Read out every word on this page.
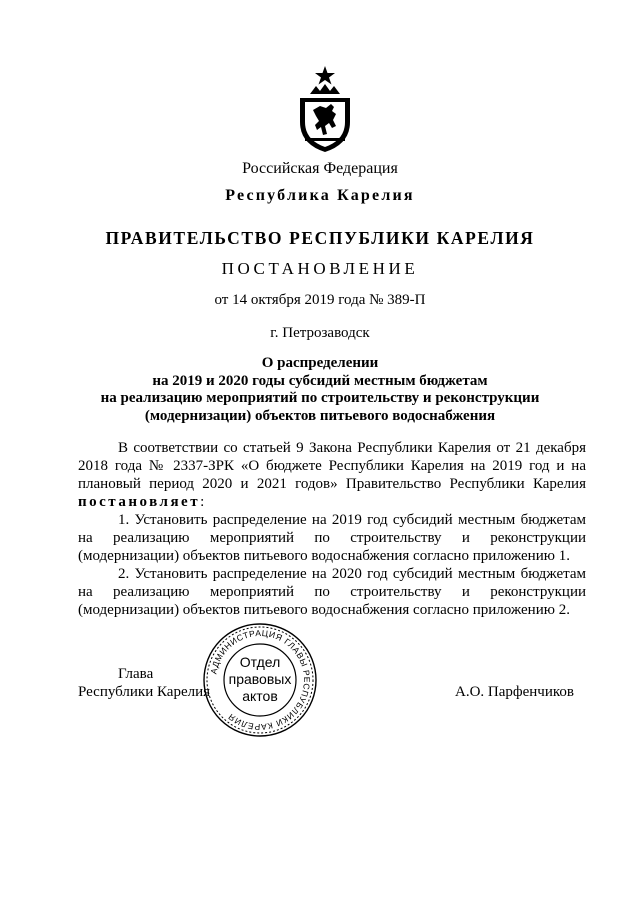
Российская Федерация
Республика Карелия
ПРАВИТЕЛЬСТВО РЕСПУБЛИКИ КАРЕЛИЯ
ПОСТАНОВЛЕНИЕ
от 14 октября 2019 года № 389-П
г. Петрозаводск
О распределении
на 2019 и 2020 годы субсидий местным бюджетам
на реализацию мероприятий по строительству и реконструкции
(модернизации) объектов питьевого водоснабжения

В соответствии со статьей 9 Закона Республики Карелия от 21 декабря 2018 года № 2337-ЗРК «О бюджете Республики Карелия на 2019 год и на плановый период 2020 и 2021 годов» Правительство Республики Карелия постановляет:

1. Установить распределение на 2019 год субсидий местным бюджетам на реализацию мероприятий по строительству и реконструкции (модернизации) объектов питьевого водоснабжения согласно приложению 1.

2. Установить распределение на 2020 год субсидий местным бюджетам на реализацию мероприятий по строительству и реконструкции (модернизации) объектов питьевого водоснабжения согласно приложению 2.

Глава
Республики Карелия	А.О. Парфенчиков
АДМИНИСТРАЦИЯ ГЛАВЫ РЕСПУБЛИКИ КАРЕЛИЯ
Отдел
правовых
актов
